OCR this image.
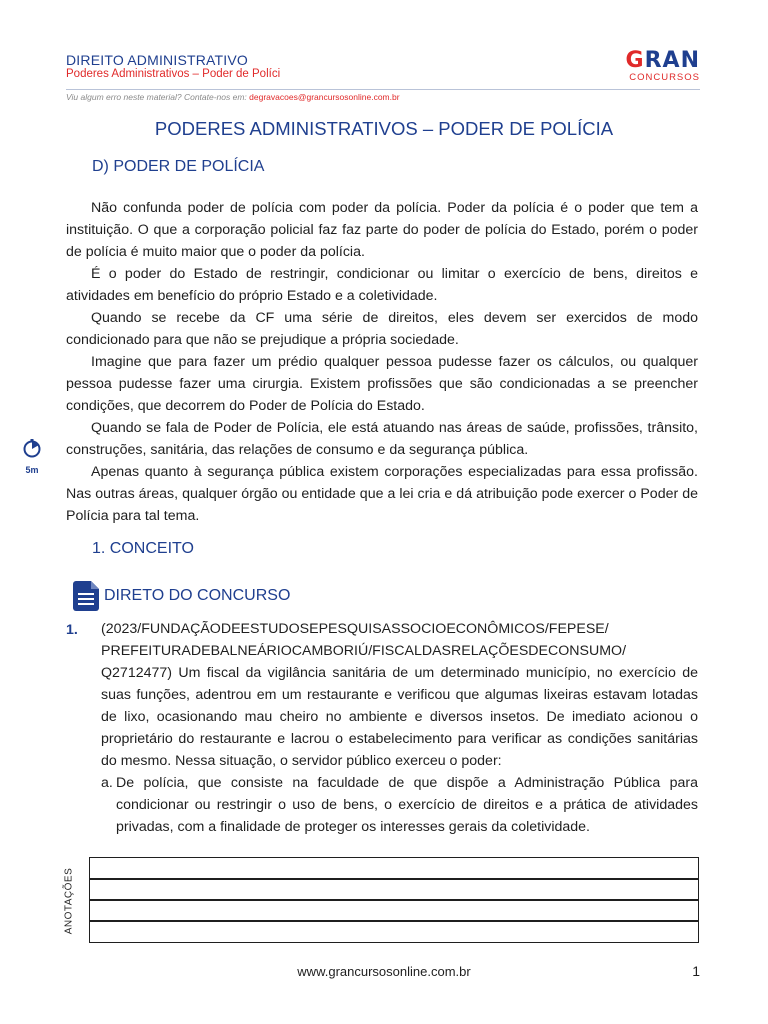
DIREITO ADMINISTRATIVO
Poderes Administrativos – Poder de Políci
GRAN
CONCURSOS
Viu algum erro neste material? Contate-nos em: degravacoes@grancursosonline.com.br
PODERES ADMINISTRATIVOS – PODER DE POLÍCIA
D) PODER DE POLÍCIA

Não confunda poder de polícia com poder da polícia. Poder da polícia é o poder que tem a instituição. O que a corporação policial faz faz parte do poder de polícia do Estado, porém o poder de polícia é muito maior que o poder da polícia.

É o poder do Estado de restringir, condicionar ou limitar o exercício de bens, direitos e atividades em benefício do próprio Estado e a coletividade.

Quando se recebe da CF uma série de direitos, eles devem ser exercidos de modo condicionado para que não se prejudique a própria sociedade.

Imagine que para fazer um prédio qualquer pessoa pudesse fazer os cálculos, ou qualquer pessoa pudesse fazer uma cirurgia. Existem profissões que são condicionadas a se preencher condições, que decorrem do Poder de Polícia do Estado.

Quando se fala de Poder de Polícia, ele está atuando nas áreas de saúde, profissões, trânsito, construções, sanitária, das relações de consumo e da segurança pública.

Apenas quanto à segurança pública existem corporações especializadas para essa profissão. Nas outras áreas, qualquer órgão ou entidade que a lei cria e dá atribuição pode exercer o Poder de Polícia para tal tema.

5m
1. CONCEITO
DIRETO DO CONCURSO
1. (2023/FUNDAÇÃODEESTUDOSEPESQUISASSOCIOECONÔMICOS/FEPESE/ PREFEITURADEBALNEÁRIOCAMBORIÚ/FISCALDASRELAÇÕESDECONSUMO/ Q2712477) Um fiscal da vigilância sanitária de um determinado município, no exercício de suas funções, adentrou em um restaurante e verificou que algumas lixeiras estavam lotadas de lixo, ocasionando mau cheiro no ambiente e diversos insetos. De imediato acionou o proprietário do restaurante e lacrou o estabelecimento para verificar as condições sanitárias do mesmo. Nessa situação, o servidor público exerceu o poder:

a. De polícia, que consiste na faculdade de que dispõe a Administração Pública para condicionar ou restringir o uso de bens, o exercício de direitos e a prática de atividades privadas, com a finalidade de proteger os interesses gerais da coletividade.
ANOTAÇÕES
www.grancursosonline.com.br	1
